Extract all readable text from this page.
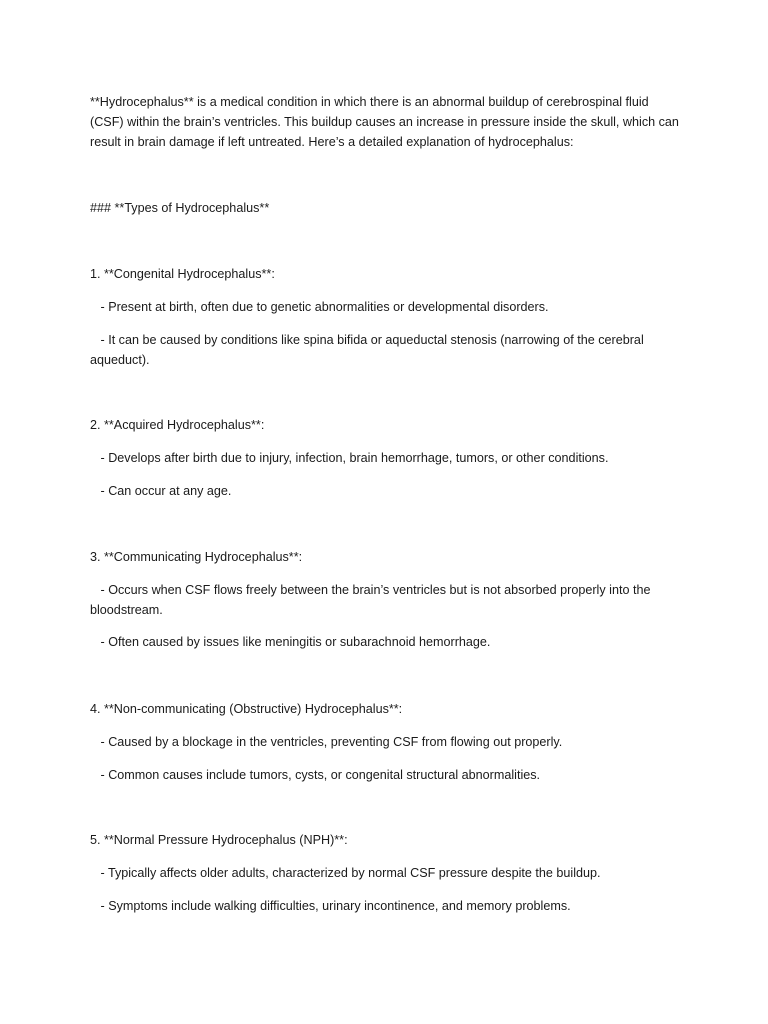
**Hydrocephalus** is a medical condition in which there is an abnormal buildup of cerebrospinal fluid

(CSF) within the brain’s ventricles. This buildup causes an increase in pressure inside the skull, which can

result in brain damage if left untreated. Here’s a detailed explanation of hydrocephalus:

### **Types of Hydrocephalus**

1. **Congenital Hydrocephalus**:

- Present at birth, often due to genetic abnormalities or developmental disorders.

- It can be caused by conditions like spina bifida or aqueductal stenosis (narrowing of the cerebral

aqueduct).

2. **Acquired Hydrocephalus**:

- Develops after birth due to injury, infection, brain hemorrhage, tumors, or other conditions.

- Can occur at any age.

3. **Communicating Hydrocephalus**:

- Occurs when CSF flows freely between the brain’s ventricles but is not absorbed properly into the

bloodstream.

- Often caused by issues like meningitis or subarachnoid hemorrhage.

4. **Non-communicating (Obstructive) Hydrocephalus**:

- Caused by a blockage in the ventricles, preventing CSF from flowing out properly.

- Common causes include tumors, cysts, or congenital structural abnormalities.

5. **Normal Pressure Hydrocephalus (NPH)**:

- Typically affects older adults, characterized by normal CSF pressure despite the buildup.

- Symptoms include walking difficulties, urinary incontinence, and memory problems.
